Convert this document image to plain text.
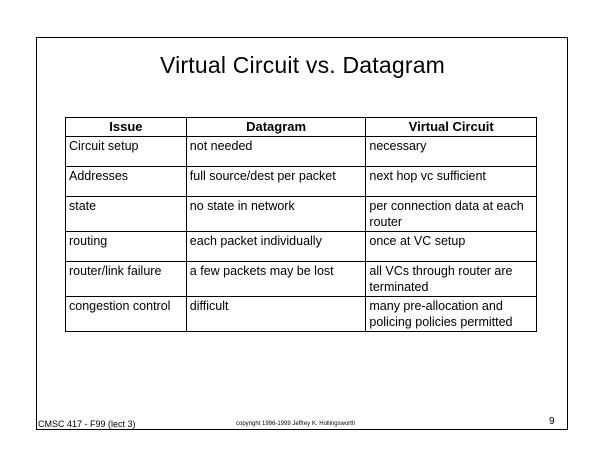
Virtual Circuit vs. Datagram
Issue	Datagram	Virtual Circuit
Circuit setup	not needed	necessary
Addresses	full source/dest per packet	next hop vc sufficient
state	no state in network	per connection data at each router
routing	each packet individually	once at VC setup
router/link failure	a few packets may be lost	all VCs through router are terminated
congestion control	difficult	many pre-allocation and policing policies permitted
CMSC 417 - F99 (lect 3)	copyright 1996-1999 Jeffrey K. Hollingsworth	9
